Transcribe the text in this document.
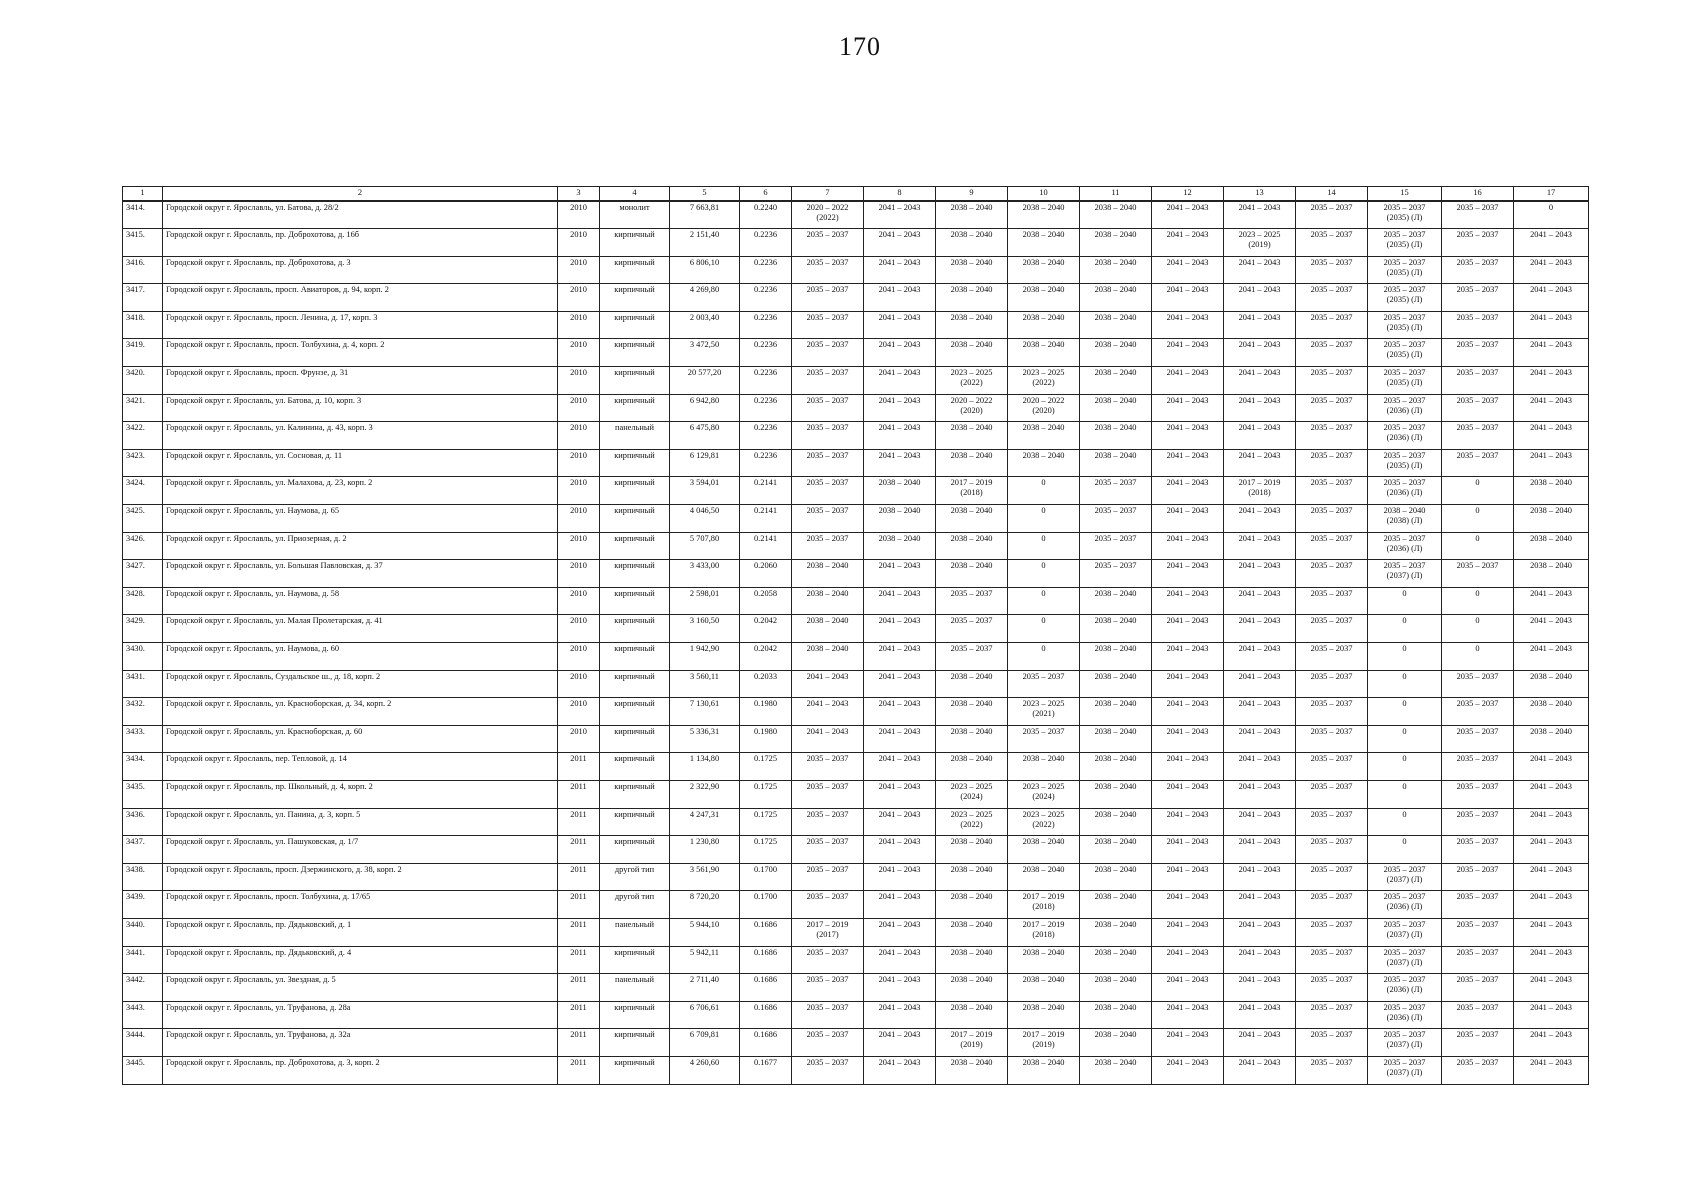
170
1	2	3	4	5	6	7	8	9	10	11	12	13	14	15	16	17
3414.	Городской округ г. Ярославль, ул. Батова, д. 28/2	2010	монолит	7 663,81	0.2240	2020 – 2022
(2022)	2041 – 2043	2038 – 2040	2038 – 2040	2038 – 2040	2041 – 2043	2041 – 2043	2035 – 2037	2035 – 2037
(2035) (Л)	2035 – 2037	0
3415.	Городской округ г. Ярославль, пр. Доброхотова, д. 16б	2010	кирпичный	2 151,40	0.2236	2035 – 2037	2041 – 2043	2038 – 2040	2038 – 2040	2038 – 2040	2041 – 2043	2023 – 2025
(2019)	2035 – 2037	2035 – 2037
(2035) (Л)	2035 – 2037	2041 – 2043
3416.	Городской округ г. Ярославль, пр. Доброхотова, д. 3	2010	кирпичный	6 806,10	0.2236	2035 – 2037	2041 – 2043	2038 – 2040	2038 – 2040	2038 – 2040	2041 – 2043	2041 – 2043	2035 – 2037	2035 – 2037
(2035) (Л)	2035 – 2037	2041 – 2043
3417.	Городской округ г. Ярославль, просп. Авиаторов, д. 94, корп. 2	2010	кирпичный	4 269,80	0.2236	2035 – 2037	2041 – 2043	2038 – 2040	2038 – 2040	2038 – 2040	2041 – 2043	2041 – 2043	2035 – 2037	2035 – 2037
(2035) (Л)	2035 – 2037	2041 – 2043
3418.	Городской округ г. Ярославль, просп. Ленина, д. 17, корп. 3	2010	кирпичный	2 003,40	0.2236	2035 – 2037	2041 – 2043	2038 – 2040	2038 – 2040	2038 – 2040	2041 – 2043	2041 – 2043	2035 – 2037	2035 – 2037
(2035) (Л)	2035 – 2037	2041 – 2043
3419.	Городской округ г. Ярославль, просп. Толбухина, д. 4, корп. 2	2010	кирпичный	3 472,50	0.2236	2035 – 2037	2041 – 2043	2038 – 2040	2038 – 2040	2038 – 2040	2041 – 2043	2041 – 2043	2035 – 2037	2035 – 2037
(2035) (Л)	2035 – 2037	2041 – 2043
3420.	Городской округ г. Ярославль, просп. Фрунзе, д. 31	2010	кирпичный	20 577,20	0.2236	2035 – 2037	2041 – 2043	2023 – 2025
(2022)	2023 – 2025
(2022)	2038 – 2040	2041 – 2043	2041 – 2043	2035 – 2037	2035 – 2037
(2035) (Л)	2035 – 2037	2041 – 2043
3421.	Городской округ г. Ярославль, ул. Батова, д. 10, корп. 3	2010	кирпичный	6 942,80	0.2236	2035 – 2037	2041 – 2043	2020 – 2022
(2020)	2020 – 2022
(2020)	2038 – 2040	2041 – 2043	2041 – 2043	2035 – 2037	2035 – 2037
(2036) (Л)	2035 – 2037	2041 – 2043
3422.	Городской округ г. Ярославль, ул. Калинина, д. 43, корп. 3	2010	панельный	6 475,80	0.2236	2035 – 2037	2041 – 2043	2038 – 2040	2038 – 2040	2038 – 2040	2041 – 2043	2041 – 2043	2035 – 2037	2035 – 2037
(2036) (Л)	2035 – 2037	2041 – 2043
3423.	Городской округ г. Ярославль, ул. Сосновая, д. 11	2010	кирпичный	6 129,81	0.2236	2035 – 2037	2041 – 2043	2038 – 2040	2038 – 2040	2038 – 2040	2041 – 2043	2041 – 2043	2035 – 2037	2035 – 2037
(2035) (Л)	2035 – 2037	2041 – 2043
3424.	Городской округ г. Ярославль, ул. Малахова, д. 23, корп. 2	2010	кирпичный	3 594,01	0.2141	2035 – 2037	2038 – 2040	2017 – 2019
(2018)	0	2035 – 2037	2041 – 2043	2017 – 2019
(2018)	2035 – 2037	2035 – 2037
(2036) (Л)	0	2038 – 2040
3425.	Городской округ г. Ярославль, ул. Наумова, д. 65	2010	кирпичный	4 046,50	0.2141	2035 – 2037	2038 – 2040	2038 – 2040	0	2035 – 2037	2041 – 2043	2041 – 2043	2035 – 2037	2038 – 2040
(2038) (Л)	0	2038 – 2040
3426.	Городской округ г. Ярославль, ул. Приозерная, д. 2	2010	кирпичный	5 707,80	0.2141	2035 – 2037	2038 – 2040	2038 – 2040	0	2035 – 2037	2041 – 2043	2041 – 2043	2035 – 2037	2035 – 2037
(2036) (Л)	0	2038 – 2040
3427.	Городской округ г. Ярославль, ул. Большая Павловская, д. 37	2010	кирпичный	3 433,00	0.2060	2038 – 2040	2041 – 2043	2038 – 2040	0	2035 – 2037	2041 – 2043	2041 – 2043	2035 – 2037	2035 – 2037
(2037) (Л)	2035 – 2037	2038 – 2040
3428.	Городской округ г. Ярославль, ул. Наумова, д. 58	2010	кирпичный	2 598,01	0.2058	2038 – 2040	2041 – 2043	2035 – 2037	0	2038 – 2040	2041 – 2043	2041 – 2043	2035 – 2037	0	0	2041 – 2043
3429.	Городской округ г. Ярославль, ул. Малая Пролетарская, д. 41	2010	кирпичный	3 160,50	0.2042	2038 – 2040	2041 – 2043	2035 – 2037	0	2038 – 2040	2041 – 2043	2041 – 2043	2035 – 2037	0	0	2041 – 2043
3430.	Городской округ г. Ярославль, ул. Наумова, д. 60	2010	кирпичный	1 942,90	0.2042	2038 – 2040	2041 – 2043	2035 – 2037	0	2038 – 2040	2041 – 2043	2041 – 2043	2035 – 2037	0	0	2041 – 2043
3431.	Городской округ г. Ярославль, Суздальское ш., д. 18, корп. 2	2010	кирпичный	3 560,11	0.2033	2041 – 2043	2041 – 2043	2038 – 2040	2035 – 2037	2038 – 2040	2041 – 2043	2041 – 2043	2035 – 2037	0	2035 – 2037	2038 – 2040
3432.	Городской округ г. Ярославль, ул. Красноборская, д. 34, корп. 2	2010	кирпичный	7 130,61	0.1980	2041 – 2043	2041 – 2043	2038 – 2040	2023 – 2025
(2021)	2038 – 2040	2041 – 2043	2041 – 2043	2035 – 2037	0	2035 – 2037	2038 – 2040
3433.	Городской округ г. Ярославль, ул. Красноборская, д. 60	2010	кирпичный	5 336,31	0.1980	2041 – 2043	2041 – 2043	2038 – 2040	2035 – 2037	2038 – 2040	2041 – 2043	2041 – 2043	2035 – 2037	0	2035 – 2037	2038 – 2040
3434.	Городской округ г. Ярославль, пер. Тепловой, д. 14	2011	кирпичный	1 134,80	0.1725	2035 – 2037	2041 – 2043	2038 – 2040	2038 – 2040	2038 – 2040	2041 – 2043	2041 – 2043	2035 – 2037	0	2035 – 2037	2041 – 2043
3435.	Городской округ г. Ярославль, пр. Школьный, д. 4, корп. 2	2011	кирпичный	2 322,90	0.1725	2035 – 2037	2041 – 2043	2023 – 2025
(2024)	2023 – 2025
(2024)	2038 – 2040	2041 – 2043	2041 – 2043	2035 – 2037	0	2035 – 2037	2041 – 2043
3436.	Городской округ г. Ярославль, ул. Панина, д. 3, корп. 5	2011	кирпичный	4 247,31	0.1725	2035 – 2037	2041 – 2043	2023 – 2025
(2022)	2023 – 2025
(2022)	2038 – 2040	2041 – 2043	2041 – 2043	2035 – 2037	0	2035 – 2037	2041 – 2043
3437.	Городской округ г. Ярославль, ул. Пашуковская, д. 1/7	2011	кирпичный	1 230,80	0.1725	2035 – 2037	2041 – 2043	2038 – 2040	2038 – 2040	2038 – 2040	2041 – 2043	2041 – 2043	2035 – 2037	0	2035 – 2037	2041 – 2043
3438.	Городской округ г. Ярославль, просп. Дзержинского, д. 38, корп. 2	2011	другой тип	3 561,90	0.1700	2035 – 2037	2041 – 2043	2038 – 2040	2038 – 2040	2038 – 2040	2041 – 2043	2041 – 2043	2035 – 2037	2035 – 2037
(2037) (Л)	2035 – 2037	2041 – 2043
3439.	Городской округ г. Ярославль, просп. Толбухина, д. 17/65	2011	другой тип	8 720,20	0.1700	2035 – 2037	2041 – 2043	2038 – 2040	2017 – 2019
(2018)	2038 – 2040	2041 – 2043	2041 – 2043	2035 – 2037	2035 – 2037
(2036) (Л)	2035 – 2037	2041 – 2043
3440.	Городской округ г. Ярославль, пр. Дядьковский, д. 1	2011	панельный	5 944,10	0.1686	2017 – 2019
(2017)	2041 – 2043	2038 – 2040	2017 – 2019
(2018)	2038 – 2040	2041 – 2043	2041 – 2043	2035 – 2037	2035 – 2037
(2037) (Л)	2035 – 2037	2041 – 2043
3441.	Городской округ г. Ярославль, пр. Дядьковский, д. 4	2011	кирпичный	5 942,11	0.1686	2035 – 2037	2041 – 2043	2038 – 2040	2038 – 2040	2038 – 2040	2041 – 2043	2041 – 2043	2035 – 2037	2035 – 2037
(2037) (Л)	2035 – 2037	2041 – 2043
3442.	Городской округ г. Ярославль, ул. Звездная, д. 5	2011	панельный	2 711,40	0.1686	2035 – 2037	2041 – 2043	2038 – 2040	2038 – 2040	2038 – 2040	2041 – 2043	2041 – 2043	2035 – 2037	2035 – 2037
(2036) (Л)	2035 – 2037	2041 – 2043
3443.	Городской округ г. Ярославль, ул. Труфанова, д. 28а	2011	кирпичный	6 706,61	0.1686	2035 – 2037	2041 – 2043	2038 – 2040	2038 – 2040	2038 – 2040	2041 – 2043	2041 – 2043	2035 – 2037	2035 – 2037
(2036) (Л)	2035 – 2037	2041 – 2043
3444.	Городской округ г. Ярославль, ул. Труфанова, д. 32а	2011	кирпичный	6 709,81	0.1686	2035 – 2037	2041 – 2043	2017 – 2019
(2019)	2017 – 2019
(2019)	2038 – 2040	2041 – 2043	2041 – 2043	2035 – 2037	2035 – 2037
(2037) (Л)	2035 – 2037	2041 – 2043
3445.	Городской округ г. Ярославль, пр. Доброхотова, д. 3, корп. 2	2011	кирпичный	4 260,60	0.1677	2035 – 2037	2041 – 2043	2038 – 2040	2038 – 2040	2038 – 2040	2041 – 2043	2041 – 2043	2035 – 2037	2035 – 2037
(2037) (Л)	2035 – 2037	2041 – 2043
